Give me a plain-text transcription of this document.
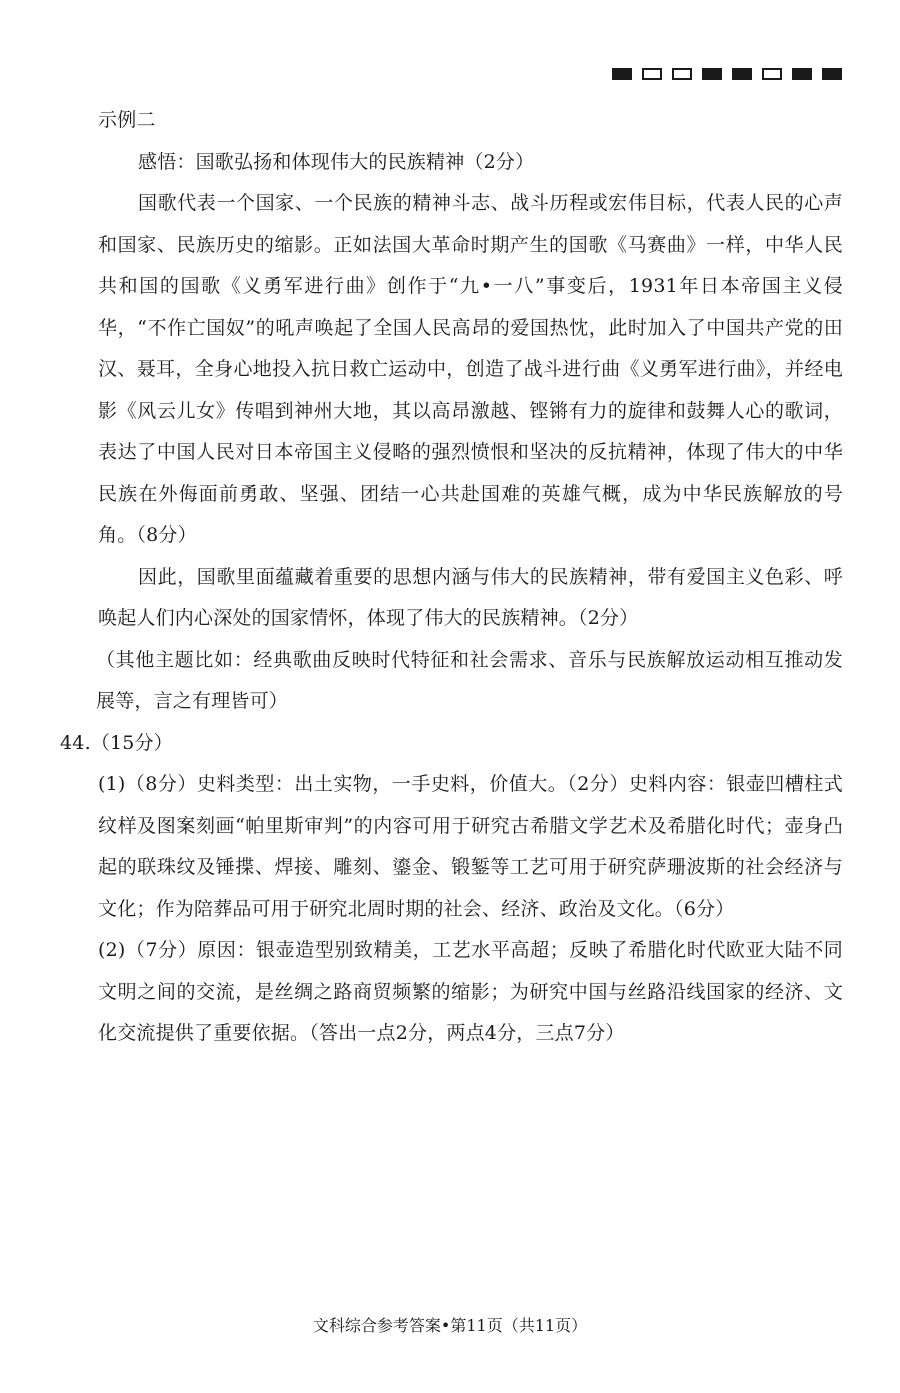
示例二

感悟：国歌弘扬和体现伟大的民族精神（2分）

国歌代表一个国家、一个民族的精神斗志、战斗历程或宏伟目标，代表人民的心声和国家、民族历史的缩影。正如法国大革命时期产生的国歌《马赛曲》一样，中华人民共和国的国歌《义勇军进行曲》创作于“九•一八”事变后，1931年日本帝国主义侵华，“不作亡国奴”的吼声唤起了全国人民高昂的爱国热忱，此时加入了中国共产党的田汉、聂耳，全身心地投入抗日救亡运动中，创造了战斗进行曲《义勇军进行曲》，并经电影《风云儿女》传唱到神州大地，其以高昂激越、铿锵有力的旋律和鼓舞人心的歌词，表达了中国人民对日本帝国主义侵略的强烈愤恨和坚决的反抗精神，体现了伟大的中华民族在外侮面前勇敢、坚强、团结一心共赴国难的英雄气概，成为中华民族解放的号角。（8分）

因此，国歌里面蕴藏着重要的思想内涵与伟大的民族精神，带有爱国主义色彩、呼唤起人们内心深处的国家情怀，体现了伟大的民族精神。（2分）

（其他主题比如：经典歌曲反映时代特征和社会需求、音乐与民族解放运动相互推动发展等，言之有理皆可）

44.（15分）

(1)（8分）史料类型：出土实物，一手史料，价值大。（2分）史料内容：银壶凹槽柱式纹样及图案刻画“帕里斯审判”的内容可用于研究古希腊文学艺术及希腊化时代；壶身凸起的联珠纹及锤揲、焊接、雕刻、鎏金、锻錾等工艺可用于研究萨珊波斯的社会经济与文化；作为陪葬品可用于研究北周时期的社会、经济、政治及文化。（6分）

(2)（7分）原因：银壶造型别致精美，工艺水平高超；反映了希腊化时代欧亚大陆不同文明之间的交流，是丝绸之路商贸频繁的缩影；为研究中国与丝路沿线国家的经济、文化交流提供了重要依据。（答出一点2分，两点4分，三点7分）

文科综合参考答案•第11页（共11页）
